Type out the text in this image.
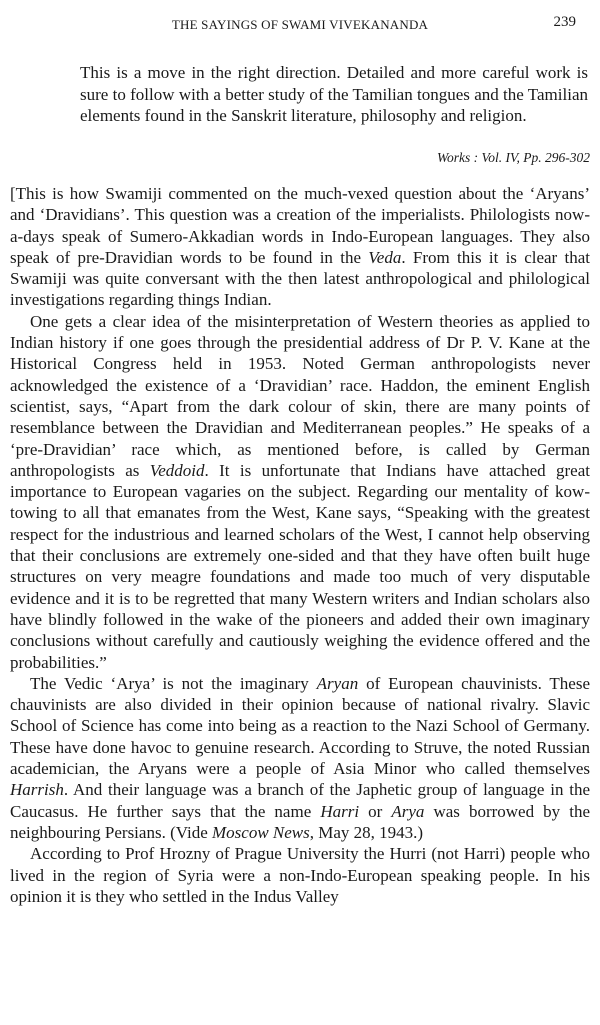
THE SAYINGS OF SWAMI VIVEKANANDA	239

This is a move in the right direction. Detailed and more careful work is sure to follow with a better study of the Tamilian tongues and the Tamilian elements found in the Sanskrit literature, philosophy and religion.

Works : Vol. IV, Pp. 296-302

[This is how Swamiji commented on the much-vexed question about the ‘Aryans’ and ‘Dravidians’. This question was a creation of the imperialists. Philologists now-a-days speak of Sumero-Akkadian words in Indo-European languages. They also speak of pre-Dravidian words to be found in the Veda. From this it is clear that Swamiji was quite conversant with the then latest anthropological and philological investigations regarding things Indian.

One gets a clear idea of the misinterpretation of Western theories as applied to Indian history if one goes through the presidential address of Dr P. V. Kane at the Historical Congress held in 1953. Noted German anthropologists never acknowledged the existence of a ‘Dravidian’ race. Haddon, the eminent English scientist, says, “Apart from the dark colour of skin, there are many points of resemblance between the Dravidian and Mediterranean peoples.” He speaks of a ‘pre-Dravidian’ race which, as mentioned before, is called by German anthropologists as Veddoid. It is unfortunate that Indians have attached great importance to European vagaries on the subject. Regarding our mentality of kow-towing to all that emanates from the West, Kane says, “Speaking with the greatest respect for the industrious and learned scholars of the West, I cannot help observing that their conclusions are extremely one-sided and that they have often built huge structures on very meagre foundations and made too much of very disputable evidence and it is to be regretted that many Western writers and Indian scholars also have blindly followed in the wake of the pioneers and added their own imaginary conclusions without carefully and cautiously weighing the evidence offered and the probabilities.”

The Vedic ‘Arya’ is not the imaginary Aryan of European chauvinists. These chauvinists are also divided in their opinion because of national rivalry. Slavic School of Science has come into being as a reaction to the Nazi School of Germany. These have done havoc to genuine research. According to Struve, the noted Russian academician, the Aryans were a people of Asia Minor who called themselves Harrish. And their language was a branch of the Japhetic group of language in the Caucasus. He further says that the name Harri or Arya was borrowed by the neighbouring Persians. (Vide Moscow News, May 28, 1943.)

According to Prof Hrozny of Prague University the Hurri (not Harri) people who lived in the region of Syria were a non-Indo-European speaking people. In his opinion it is they who settled in the Indus Valley
